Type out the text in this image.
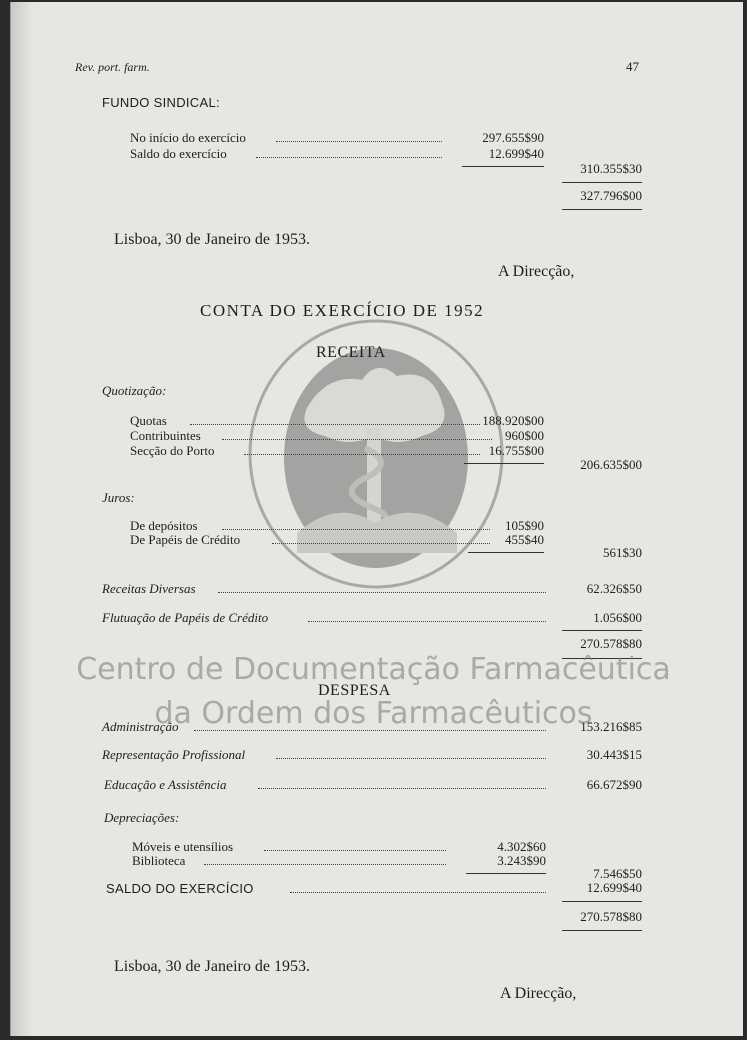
Rev. port. farm.	47
FUNDO SINDICAL:
No início do exercício	297.655$90
Saldo do exercício	12.699$40
310.355$30
327.796$00
Lisboa, 30 de Janeiro de 1953.
A Direcção,
CONTA DO EXERCÍCIO DE 1952
RECEITA
Quotização:
Quotas	188.920$00
Contribuintes	960$00
Secção do Porto	16.755$00
206.635$00
Juros:
De depósitos	105$90
De Papéis de Crédito	455$40
561$30
Receitas Diversas	62.326$50
Flutuação de Papéis de Crédito	1.056$00
270.578$80
DESPESA
Administração	153.216$85
Representação Profissional	30.443$15
Educação e Assistência	66.672$90
Depreciações:
Móveis e utensílios	4.302$60
Biblioteca	3.243$90
7.546$50
SALDO DO EXERCÍCIO	12.699$40
270.578$80
Lisboa, 30 de Janeiro de 1953.
A Direcção,
Centro de Documentação Farmacêutica
da Ordem dos Farmacêuticos
